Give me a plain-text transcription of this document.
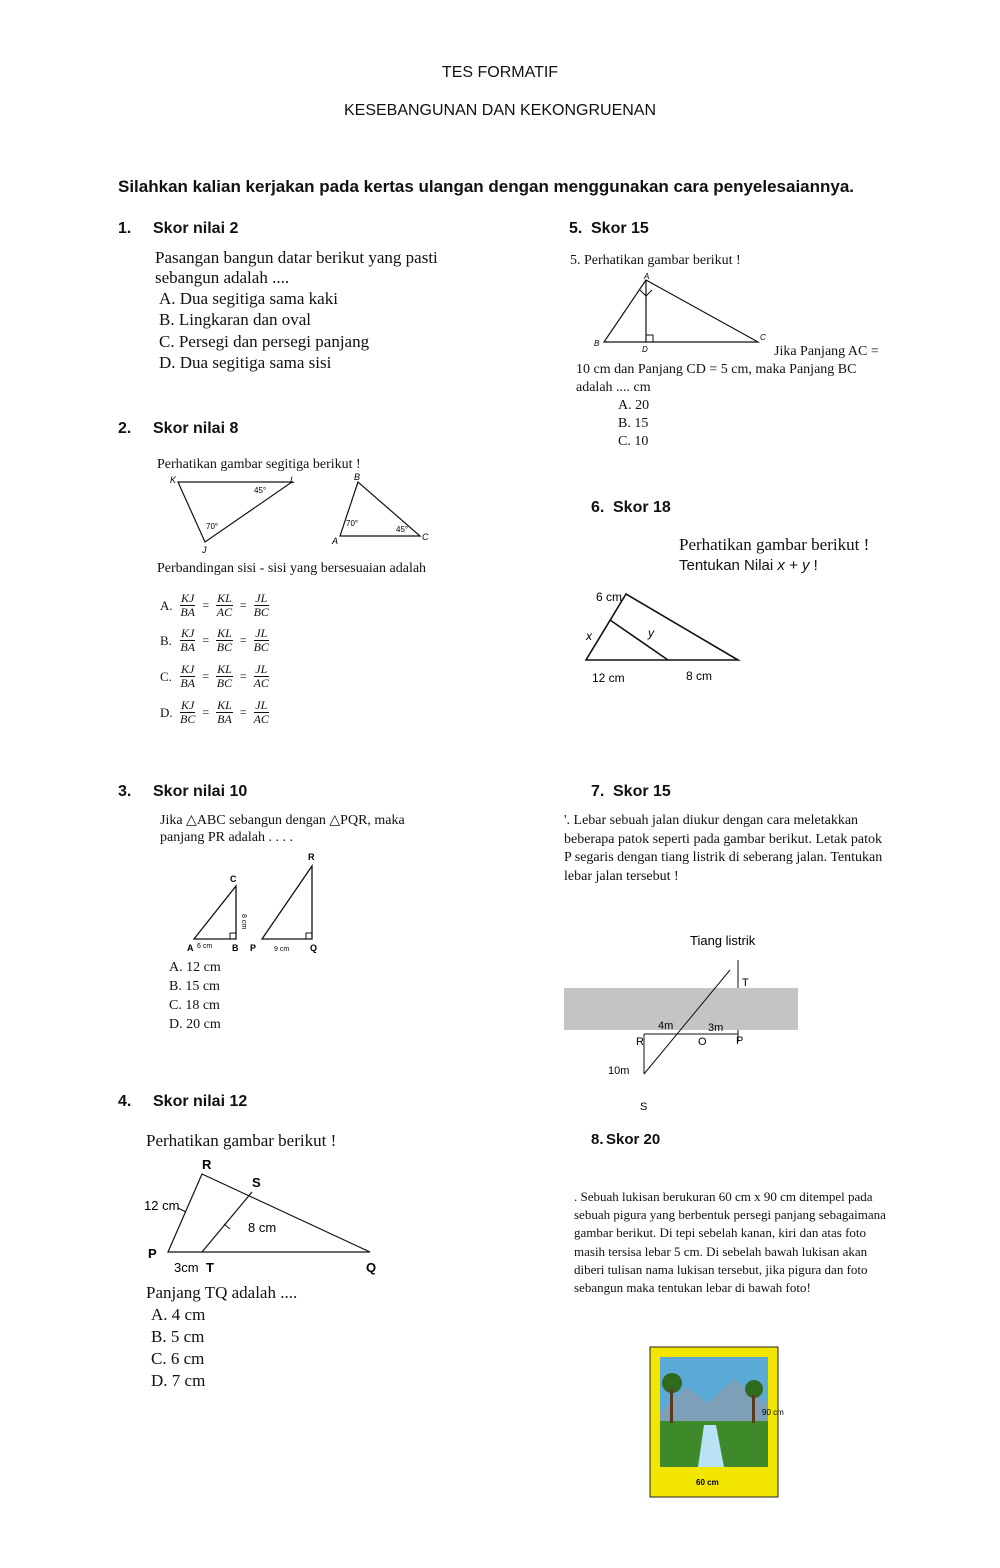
TES FORMATIF
KESEBANGUNAN DAN KEKONGRUENAN
Silahkan kalian kerjakan pada kertas ulangan dengan menggunakan cara penyelesaiannya.
1. Skor nilai 2
Pasangan bangun datar berikut yang pasti
sebangun adalah ....
A. Dua segitiga sama kaki
B. Lingkaran dan oval
C. Persegi dan persegi panjang
D. Dua segitiga sama sisi
2. Skor nilai 8
Perhatikan gambar segitiga berikut !
K	L
J
45°
70°
B
A	C
70°
45°
Perbandingan sisi - sisi yang bersesuaian adalah
A. $\frac{KJ}{BA} = \frac{KL}{AC} = \frac{JL}{BC}$
B. $\frac{KJ}{BA} = \frac{KL}{BC} = \frac{JL}{BC}$
C. $\frac{KJ}{BA} = \frac{KL}{BC} = \frac{JL}{AC}$
D. $\frac{KJ}{BC} = \frac{KL}{BA} = \frac{JL}{AC}$
3. Skor nilai 10
Jika △ABC sebangun dengan △PQR, maka
panjang PR adalah . . . .
C
A 6 cm B
8 cm
R
P	9 cm Q
A. 12 cm
B. 15 cm
C. 18 cm
D. 20 cm
4. Skor nilai 12
Perhatikan gambar berikut !
R
S
12 cm
8 cm
P
3cm T	Q
Panjang TQ adalah ....
A. 4 cm
B. 5 cm
C. 6 cm
D. 7 cm
5. Skor 15
5. Perhatikan gambar berikut !
A
B
D
C
Jika Panjang AC =
10 cm dan Panjang CD = 5 cm, maka Panjang BC
adalah .... cm
A. 20
B. 15
C. 10
6. Skor 18
Perhatikan gambar berikut !
Tentukan Nilai x + y !
6 cm
x	y
12 cm	8 cm
7. Skor 15
'. Lebar sebuah jalan diukur dengan cara meletakkan beberapa patok seperti pada gambar berikut. Letak patok P segaris dengan tiang listrik di seberang jalan. Tentukan lebar jalan tersebut !
Tiang listrik
T
R
4m
O
3m
P
10m
S
8. Skor 20
. Sebuah lukisan berukuran 60 cm x 90 cm ditempel pada sebuah pigura yang berbentuk persegi panjang sebagaimana gambar berikut. Di tepi sebelah kanan, kiri dan atas foto masih tersisa lebar 5 cm. Di sebelah bawah lukisan akan diberi tulisan nama lukisan tersebut, jika pigura dan foto sebangun maka tentukan lebar di bawah foto!
90 cm
60 cm
